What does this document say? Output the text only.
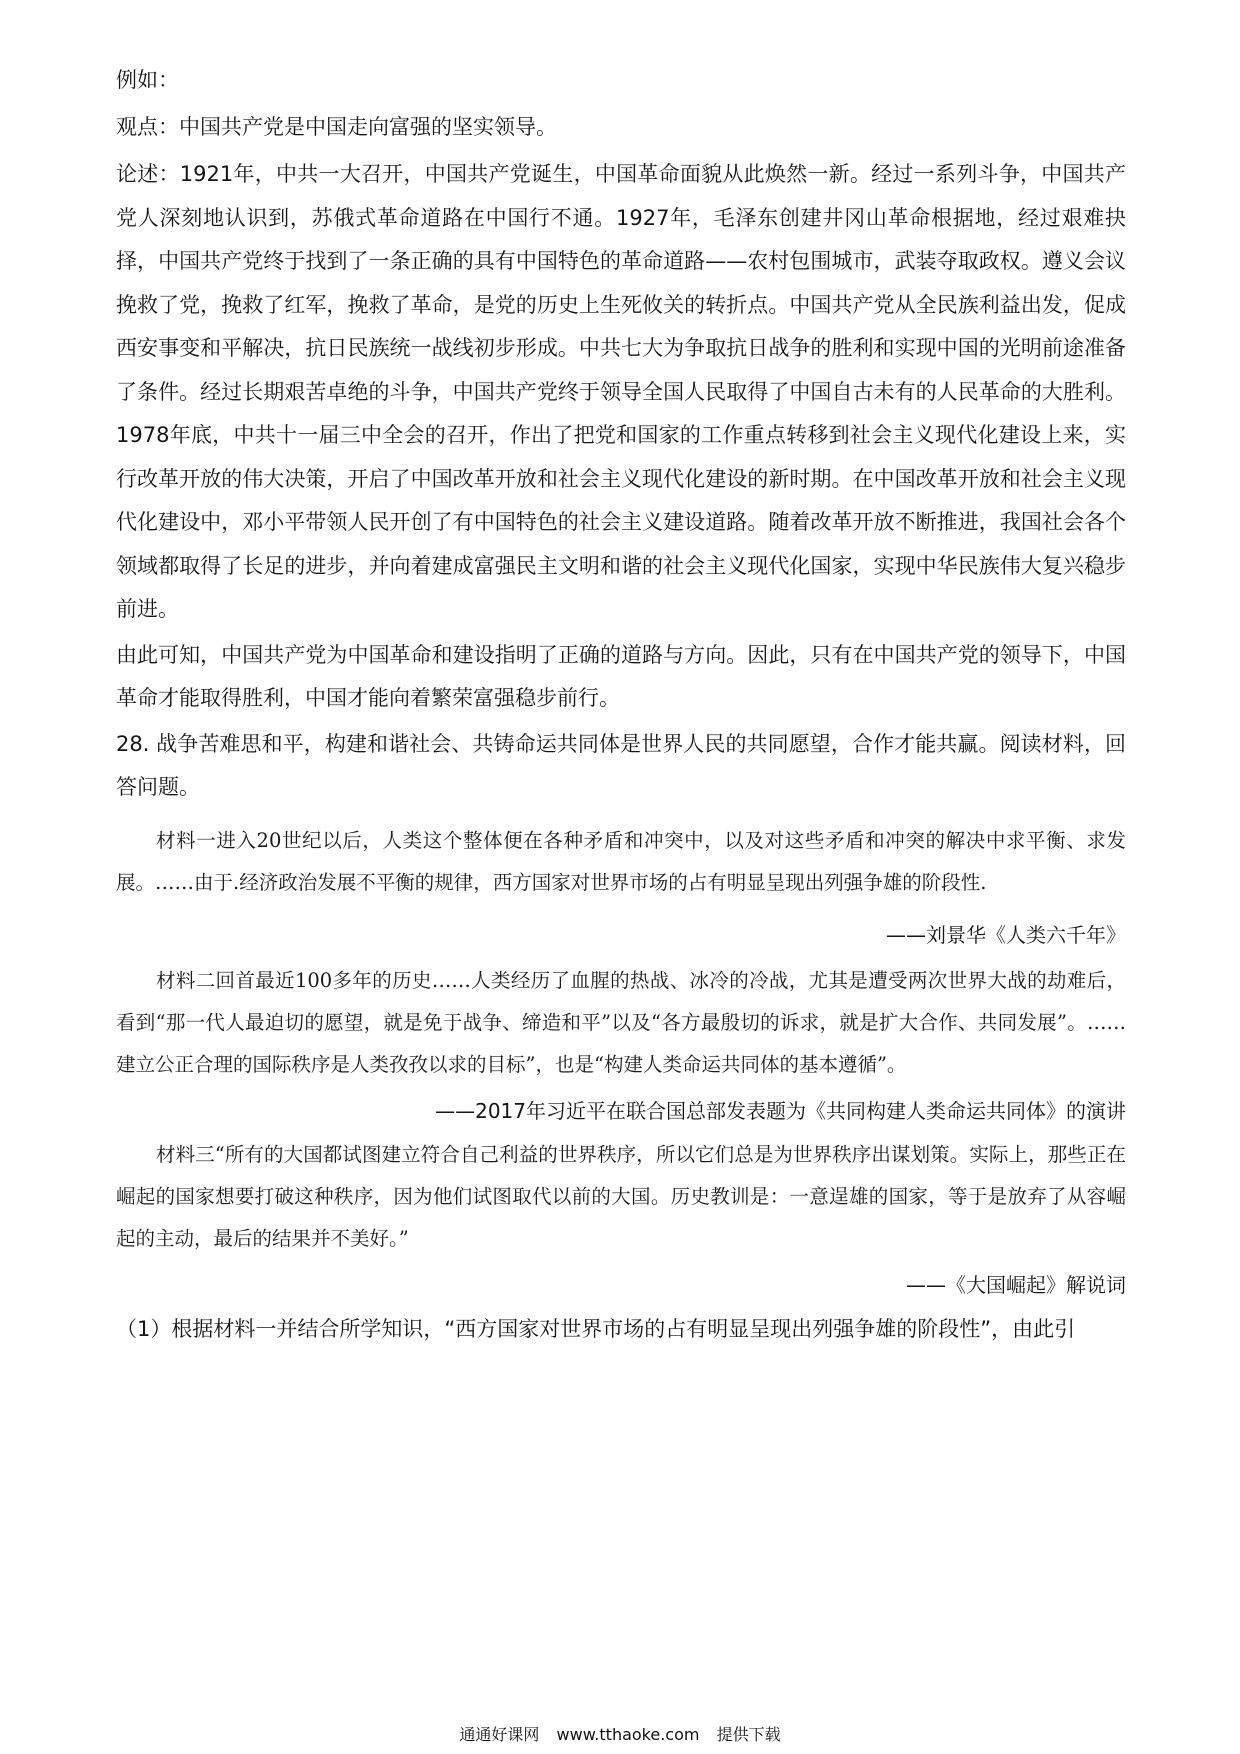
例如：
观点：中国共产党是中国走向富强的坚实领导。

论述：1921年，中共一大召开，中国共产党诞生，中国革命面貌从此焕然一新。经过一系列斗争，中国共产党人深刻地认识到，苏俄式革命道路在中国行不通。1927年，毛泽东创建井冈山革命根据地，经过艰难抉择，中国共产党终于找到了一条正确的具有中国特色的革命道路——农村包围城市，武装夺取政权。遵义会议挽救了党，挽救了红军，挽救了革命，是党的历史上生死攸关的转折点。中国共产党从全民族利益出发，促成西安事变和平解决，抗日民族统一战线初步形成。中共七大为争取抗日战争的胜利和实现中国的光明前途准备了条件。经过长期艰苦卓绝的斗争，中国共产党终于领导全国人民取得了中国自古未有的人民革命的大胜利。1978年底，中共十一届三中全会的召开，作出了把党和国家的工作重点转移到社会主义现代化建设上来，实行改革开放的伟大决策，开启了中国改革开放和社会主义现代化建设的新时期。在中国改革开放和社会主义现代化建设中，邓小平带领人民开创了有中国特色的社会主义建设道路。随着改革开放不断推进，我国社会各个领域都取得了长足的进步，并向着建成富强民主文明和谐的社会主义现代化国家，实现中华民族伟大复兴稳步前进。

由此可知，中国共产党为中国革命和建设指明了正确的道路与方向。因此，只有在中国共产党的领导下，中国革命才能取得胜利，中国才能向着繁荣富强稳步前行。

28. 战争苦难思和平，构建和谐社会、共铸命运共同体是世界人民的共同愿望，合作才能共赢。阅读材料，回答问题。

材料一进入20世纪以后，人类这个整体便在各种矛盾和冲突中，以及对这些矛盾和冲突的解决中求平衡、求发展。……由于.经济政治发展不平衡的规律，西方国家对世界市场的占有明显呈现出列强争雄的阶段性.

——刘景华《人类六千年》

材料二回首最近100多年的历史……人类经历了血腥的热战、冰冷的冷战，尤其是遭受两次世界大战的劫难后，看到“那一代人最迫切的愿望，就是免于战争、缔造和平”以及“各方最殷切的诉求，就是扩大合作、共同发展”。……建立公正合理的国际秩序是人类孜孜以求的目标”，也是“构建人类命运共同体的基本遵循”。

——2017年习近平在联合国总部发表题为《共同构建人类命运共同体》的演讲

材料三“所有的大国都试图建立符合自己利益的世界秩序，所以它们总是为世界秩序出谋划策。实际上，那些正在崛起的国家想要打破这种秩序，因为他们试图取代以前的大国。历史教训是：一意逞雄的国家，等于是放弃了从容崛起的主动，最后的结果并不美好。”

——《大国崛起》解说词
（1）根据材料一并结合所学知识，“西方国家对世界市场的占有明显呈现出列强争雄的阶段性”，由此引
通通好课网 www.tthaoke.com 提供下载
